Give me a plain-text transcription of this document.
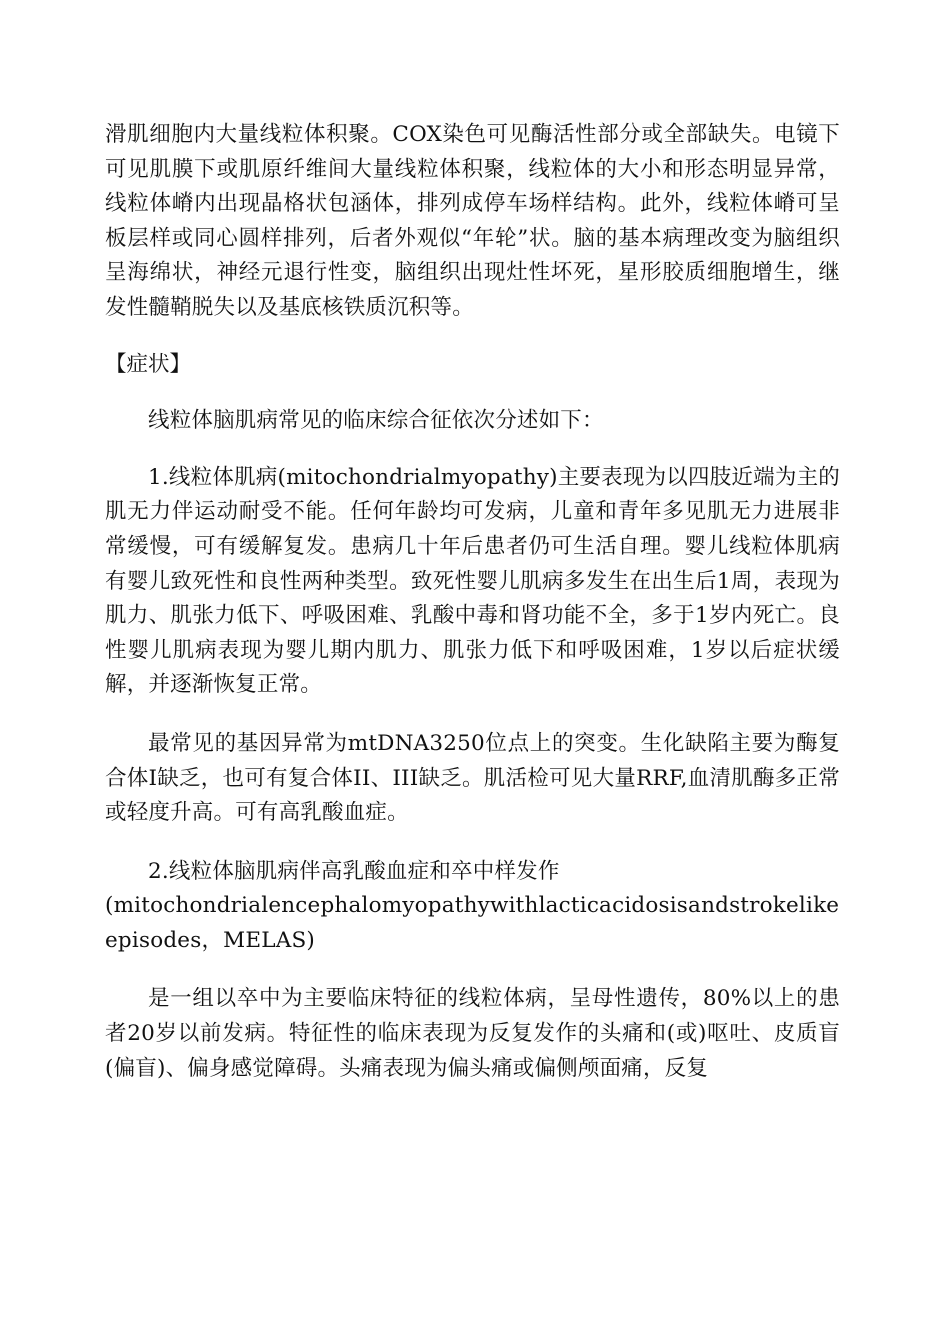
滑肌细胞内大量线粒体积聚。COX染色可见酶活性部分或全部缺失。电镜下可见肌膜下或肌原纤维间大量线粒体积聚，线粒体的大小和形态明显异常，线粒体嵴内出现晶格状包涵体，排列成停车场样结构。此外，线粒体嵴可呈板层样或同心圆样排列，后者外观似“年轮”状。脑的基本病理改变为脑组织呈海绵状，神经元退行性变，脑组织出现灶性坏死，星形胶质细胞增生，继发性髓鞘脱失以及基底核铁质沉积等。

【症状】

线粒体脑肌病常见的临床综合征依次分述如下：

1.线粒体肌病(mitochondrialmyopathy)主要表现为以四肢近端为主的肌无力伴运动耐受不能。任何年龄均可发病，儿童和青年多见肌无力进展非常缓慢，可有缓解复发。患病几十年后患者仍可生活自理。婴儿线粒体肌病有婴儿致死性和良性两种类型。致死性婴儿肌病多发生在出生后1周，表现为肌力、肌张力低下、呼吸困难、乳酸中毒和肾功能不全，多于1岁内死亡。良性婴儿肌病表现为婴儿期内肌力、肌张力低下和呼吸困难，1岁以后症状缓解，并逐渐恢复正常。

最常见的基因异常为mtDNA3250位点上的突变。生化缺陷主要为酶复合体I缺乏，也可有复合体II、III缺乏。肌活检可见大量RRF,血清肌酶多正常或轻度升高。可有高乳酸血症。

2.线粒体脑肌病伴高乳酸血症和卒中样发作

(mitochondrialencephalomyopathywithlacticacidosisandstrokelikeepisodes，MELAS)

是一组以卒中为主要临床特征的线粒体病，呈母性遗传，80%以上的患者20岁以前发病。特征性的临床表现为反复发作的头痛和(或)呕吐、皮质盲(偏盲)、偏身感觉障碍。头痛表现为偏头痛或偏侧颅面痛，反复
